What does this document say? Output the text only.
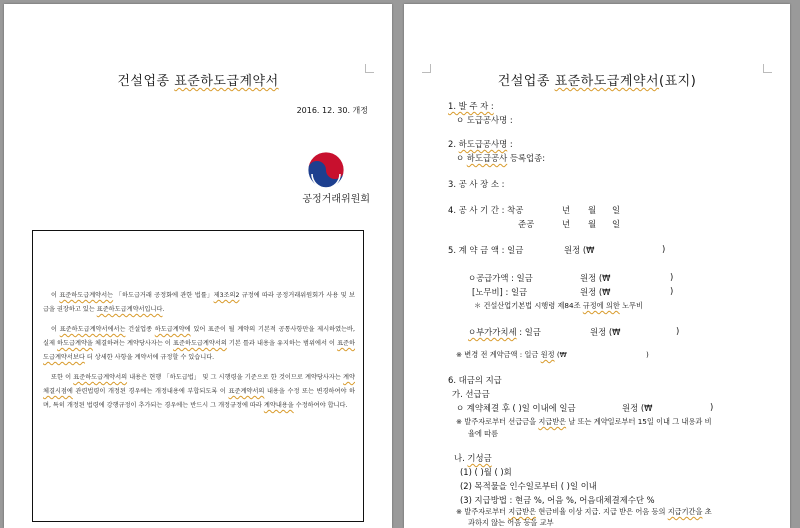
건설업종 표준하도급계약서
2016. 12. 30. 개정
공정거래위원회

이 표준하도급계약서는 「하도급거래 공정화에 관한 법률」제3조의2 규정에 따라 공정거래위원회가 사용 및 보급을 권장하고 있는 표준하도급계약서입니다.

이 표준하도급계약서에서는 건설업종 하도급계약에 있어 표준이 될 계약의 기본적 공통사항만을 제시하였는바, 실제 하도급계약을 체결하려는 계약당사자는 이 표준하도급계약서의 기본 틀과 내용을 유지하는 범위에서 이 표준하도급계약서보다 더 상세한 사항을 계약서에 규정할 수 있습니다.

또한 이 표준하도급계약서의 내용은 현행 「하도급법」 및 그 시행령을 기준으로 한 것이므로 계약당사자는 계약체결시점에 관련법령이 개정된 경우에는 개정내용에 부합되도록 이 표준계약서의 내용을 수정 또는 변경하여야 하며, 특히 개정된 법령에 강행규정이 추가되는 경우에는 반드시 그 개정규정에 따라 계약내용을 수정하여야 합니다.

건설업종 표준하도급계약서(표지)
1. 발 주 자 :
ㅇ 도급공사명 :
2. 하도급공사명 :
ㅇ 하도급공사 등록업종:
3. 공 사 장 소 :
4. 공 사 기 간 : 착공	년 월 일
준공	년 월 일
5. 계 약 금 액 : 일금	원정 (₩	)
ㅇ공급가액 : 일금	원정 (₩	)
[노무비] : 일금	원정 (₩	)
＊ 건설산업기본법 시행령 제84조 규정에 의한 노무비
ㅇ부가가치세 : 일금	원정 (₩	)
※ 변경 전 계약금액 : 일금 원정 (₩	)
6. 대금의 지급
가. 선급금
ㅇ 계약체결 후 ( )일 이내에 일금	원정 (₩	)
※ 발주자로부터 선급금을 지급받은 날 또는 계약일로부터 15일 이내 그 내용과 비
율에 따름
나. 기성금
(1) ( )월 ( )회
(2) 목적물을 인수일로부터 ( )일 이내
(3) 지급방법 : 현금 %, 어음 %, 어음대체결제수단 %
※ 발주자로부터 지급받은 현금비율 이상 지급. 지급 받은 어음 등의 지급기간을 초
과하지 않는 어음 등을 교부
